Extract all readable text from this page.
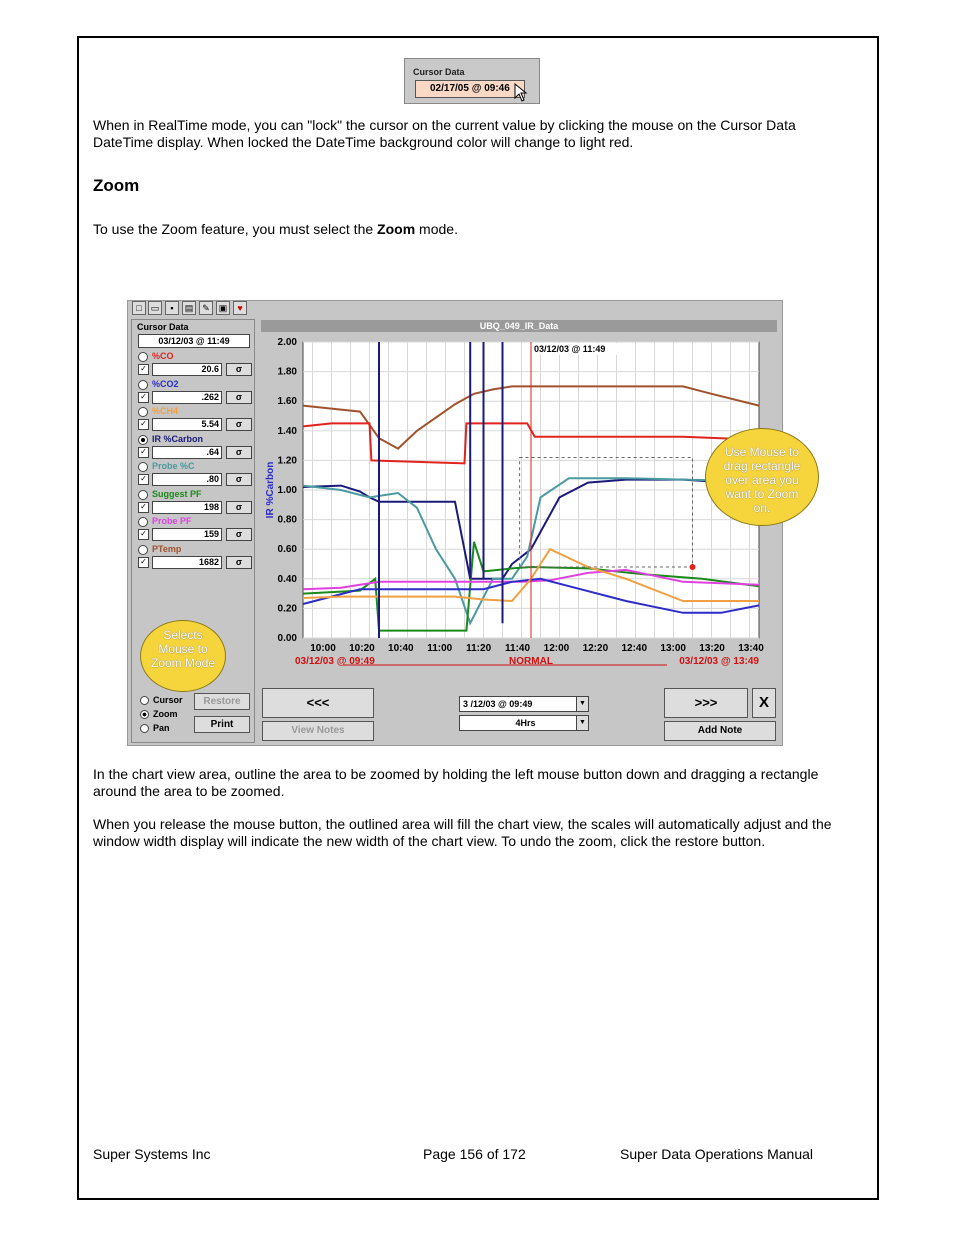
Cursor Data
02/17/05 @ 09:46
When in RealTime mode, you can "lock" the cursor on the current value by clicking the mouse on the Cursor Data DateTime display. When locked the DateTime background color will change to light red.
Zoom
To use the Zoom feature, you must select the Zoom mode.
□	▭	▪	▤ ✎ ▣	♥
Cursor Data
03/12/03 @ 11:49
%CO
✓	20.6	σ
%CO2
✓	.262	σ
%CH4
✓	5.54	σ
IR %Carbon
✓	.64	σ
Probe %C
✓	.80	σ
Suggest PF
✓	198	σ
Probe PF
✓	159	σ
PTemp
✓	1682	σ
Selects Mouse to Zoom Mode
Cursor
Zoom
Pan
Restore
Print
UBQ_049_IR_Data
2.00
1.80
1.60
1.40
1.20
1.00
0.80
0.60
0.40
0.20
0.00
10:00 10:20 10:40 11:00 11:20 11:40 12:00 12:20 12:40 13:00 13:20 13:40
IR %Carbon
03/12/03 @ 09:49	NORMAL	03/12/03 @ 13:49
03/12/03 @ 11:49
Use Mouse to drag rectangle over area you want to Zoom on.
<<<
View Notes
3 /12/03 @ 09:49	▼
4Hrs	▼
>>>	X
Add Note
In the chart view area, outline the area to be zoomed by holding the left mouse button down and dragging a rectangle around the area to be zoomed.
When you release the mouse button, the outlined area will fill the chart view, the scales will automatically adjust and the window width display will indicate the new width of the chart view. To undo the zoom, click the restore button.
Super Systems Inc	Page 156 of 172	Super Data Operations Manual
